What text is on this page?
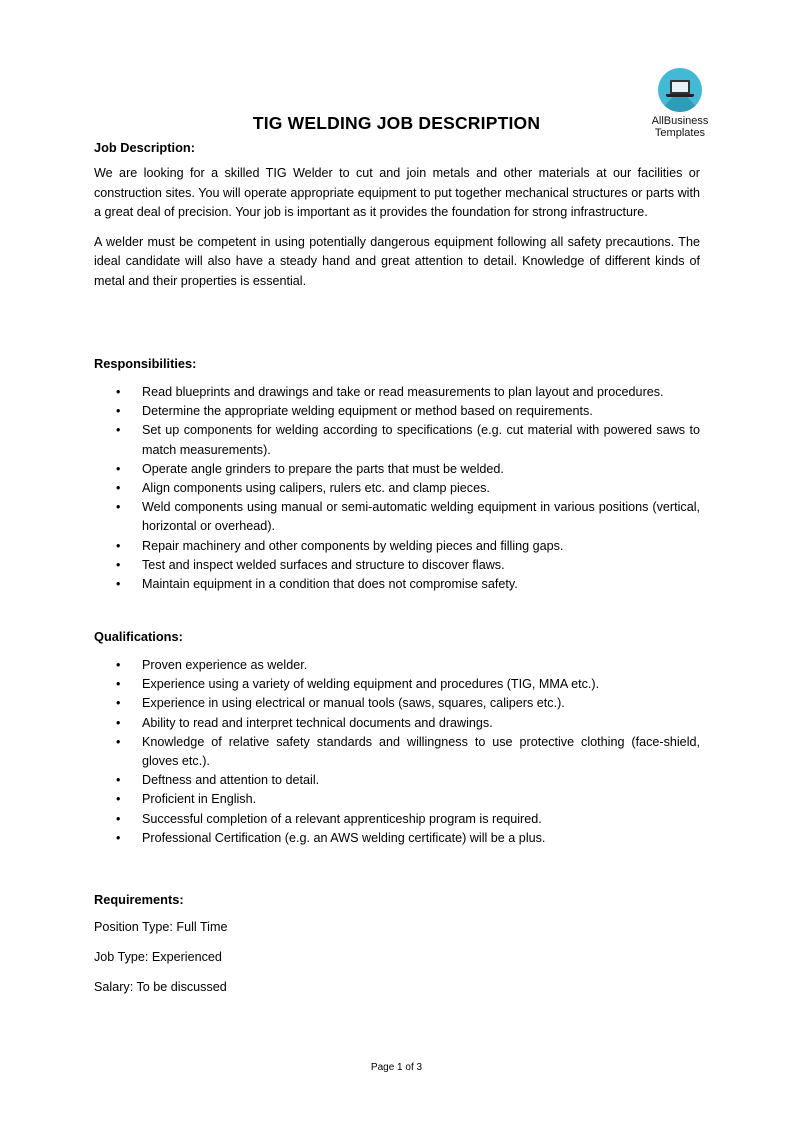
AllBusiness
Templates
TIG WELDING JOB DESCRIPTION
Job Description:
We are looking for a skilled TIG Welder to cut and join metals and other materials at our facilities or construction sites. You will operate appropriate equipment to put together mechanical structures or parts with a great deal of precision. Your job is important as it provides the foundation for strong infrastructure.
A welder must be competent in using potentially dangerous equipment following all safety precautions. The ideal candidate will also have a steady hand and great attention to detail. Knowledge of different kinds of metal and their properties is essential.
Responsibilities:
• Read blueprints and drawings and take or read measurements to plan layout and procedures.
• Determine the appropriate welding equipment or method based on requirements.
• Set up components for welding according to specifications (e.g. cut material with powered saws to match measurements).
• Operate angle grinders to prepare the parts that must be welded.
• Align components using calipers, rulers etc. and clamp pieces.
• Weld components using manual or semi-automatic welding equipment in various positions (vertical, horizontal or overhead).
• Repair machinery and other components by welding pieces and filling gaps.
• Test and inspect welded surfaces and structure to discover flaws.
• Maintain equipment in a condition that does not compromise safety.
Qualifications:
• Proven experience as welder.
• Experience using a variety of welding equipment and procedures (TIG, MMA etc.).
• Experience in using electrical or manual tools (saws, squares, calipers etc.).
• Ability to read and interpret technical documents and drawings.
• Knowledge of relative safety standards and willingness to use protective clothing (face-shield, gloves etc.).
• Deftness and attention to detail.
• Proficient in English.
• Successful completion of a relevant apprenticeship program is required.
• Professional Certification (e.g. an AWS welding certificate) will be a plus.
Requirements:
Position Type: Full Time
Job Type: Experienced
Salary: To be discussed
Page 1 of 3
